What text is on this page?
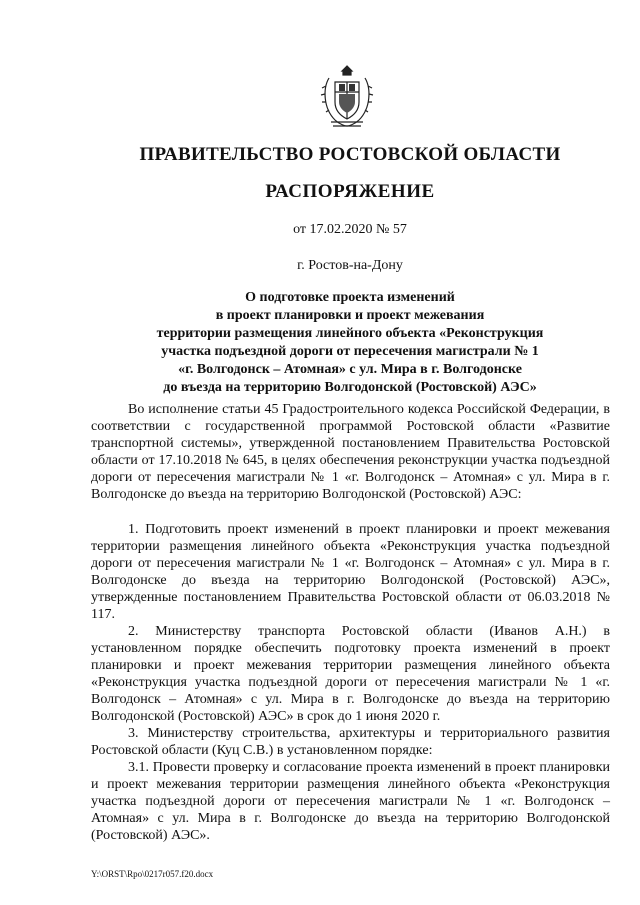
ПРАВИТЕЛЬСТВО РОСТОВСКОЙ ОБЛАСТИ
РАСПОРЯЖЕНИЕ
от 17.02.2020 № 57
г. Ростов-на-Дону
О подготовке проекта изменений
в проект планировки и проект межевания
территории размещения линейного объекта «Реконструкция
участка подъездной дороги от пересечения магистрали № 1
«г. Волгодонск – Атомная» с ул. Мира в г. Волгодонске
до въезда на территорию Волгодонской (Ростовской) АЭС»

Во исполнение статьи 45 Градостроительного кодекса Российской Федерации, в соответствии с государственной программой Ростовской области «Развитие транспортной системы», утвержденной постановлением Правительства Ростовской области от 17.10.2018 № 645, в целях обеспечения реконструкции участка подъездной дороги от пересечения магистрали № 1 «г. Волгодонск – Атомная» с ул. Мира в г. Волгодонске до въезда на территорию Волгодонской (Ростовской) АЭС:

1. Подготовить проект изменений в проект планировки и проект межевания территории размещения линейного объекта «Реконструкция участка подъездной дороги от пересечения магистрали № 1 «г. Волгодонск – Атомная» с ул. Мира в г. Волгодонске до въезда на территорию Волгодонской (Ростовской) АЭС», утвержденные постановлением Правительства Ростовской области от 06.03.2018 № 117.

2. Министерству транспорта Ростовской области (Иванов А.Н.) в установленном порядке обеспечить подготовку проекта изменений в проект планировки и проект межевания территории размещения линейного объекта «Реконструкция участка подъездной дороги от пересечения магистрали № 1 «г. Волгодонск – Атомная» с ул. Мира в г. Волгодонске до въезда на территорию Волгодонской (Ростовской) АЭС» в срок до 1 июня 2020 г.

3. Министерству строительства, архитектуры и территориального развития Ростовской области (Куц С.В.) в установленном порядке:

3.1. Провести проверку и согласование проекта изменений в проект планировки и проект межевания территории размещения линейного объекта «Реконструкция участка подъездной дороги от пересечения магистрали № 1 «г. Волгодонск – Атомная» с ул. Мира в г. Волгодонске до въезда на территорию Волгодонской (Ростовской) АЭС».

Y:\ORST\Rpo\0217r057.f20.docx
